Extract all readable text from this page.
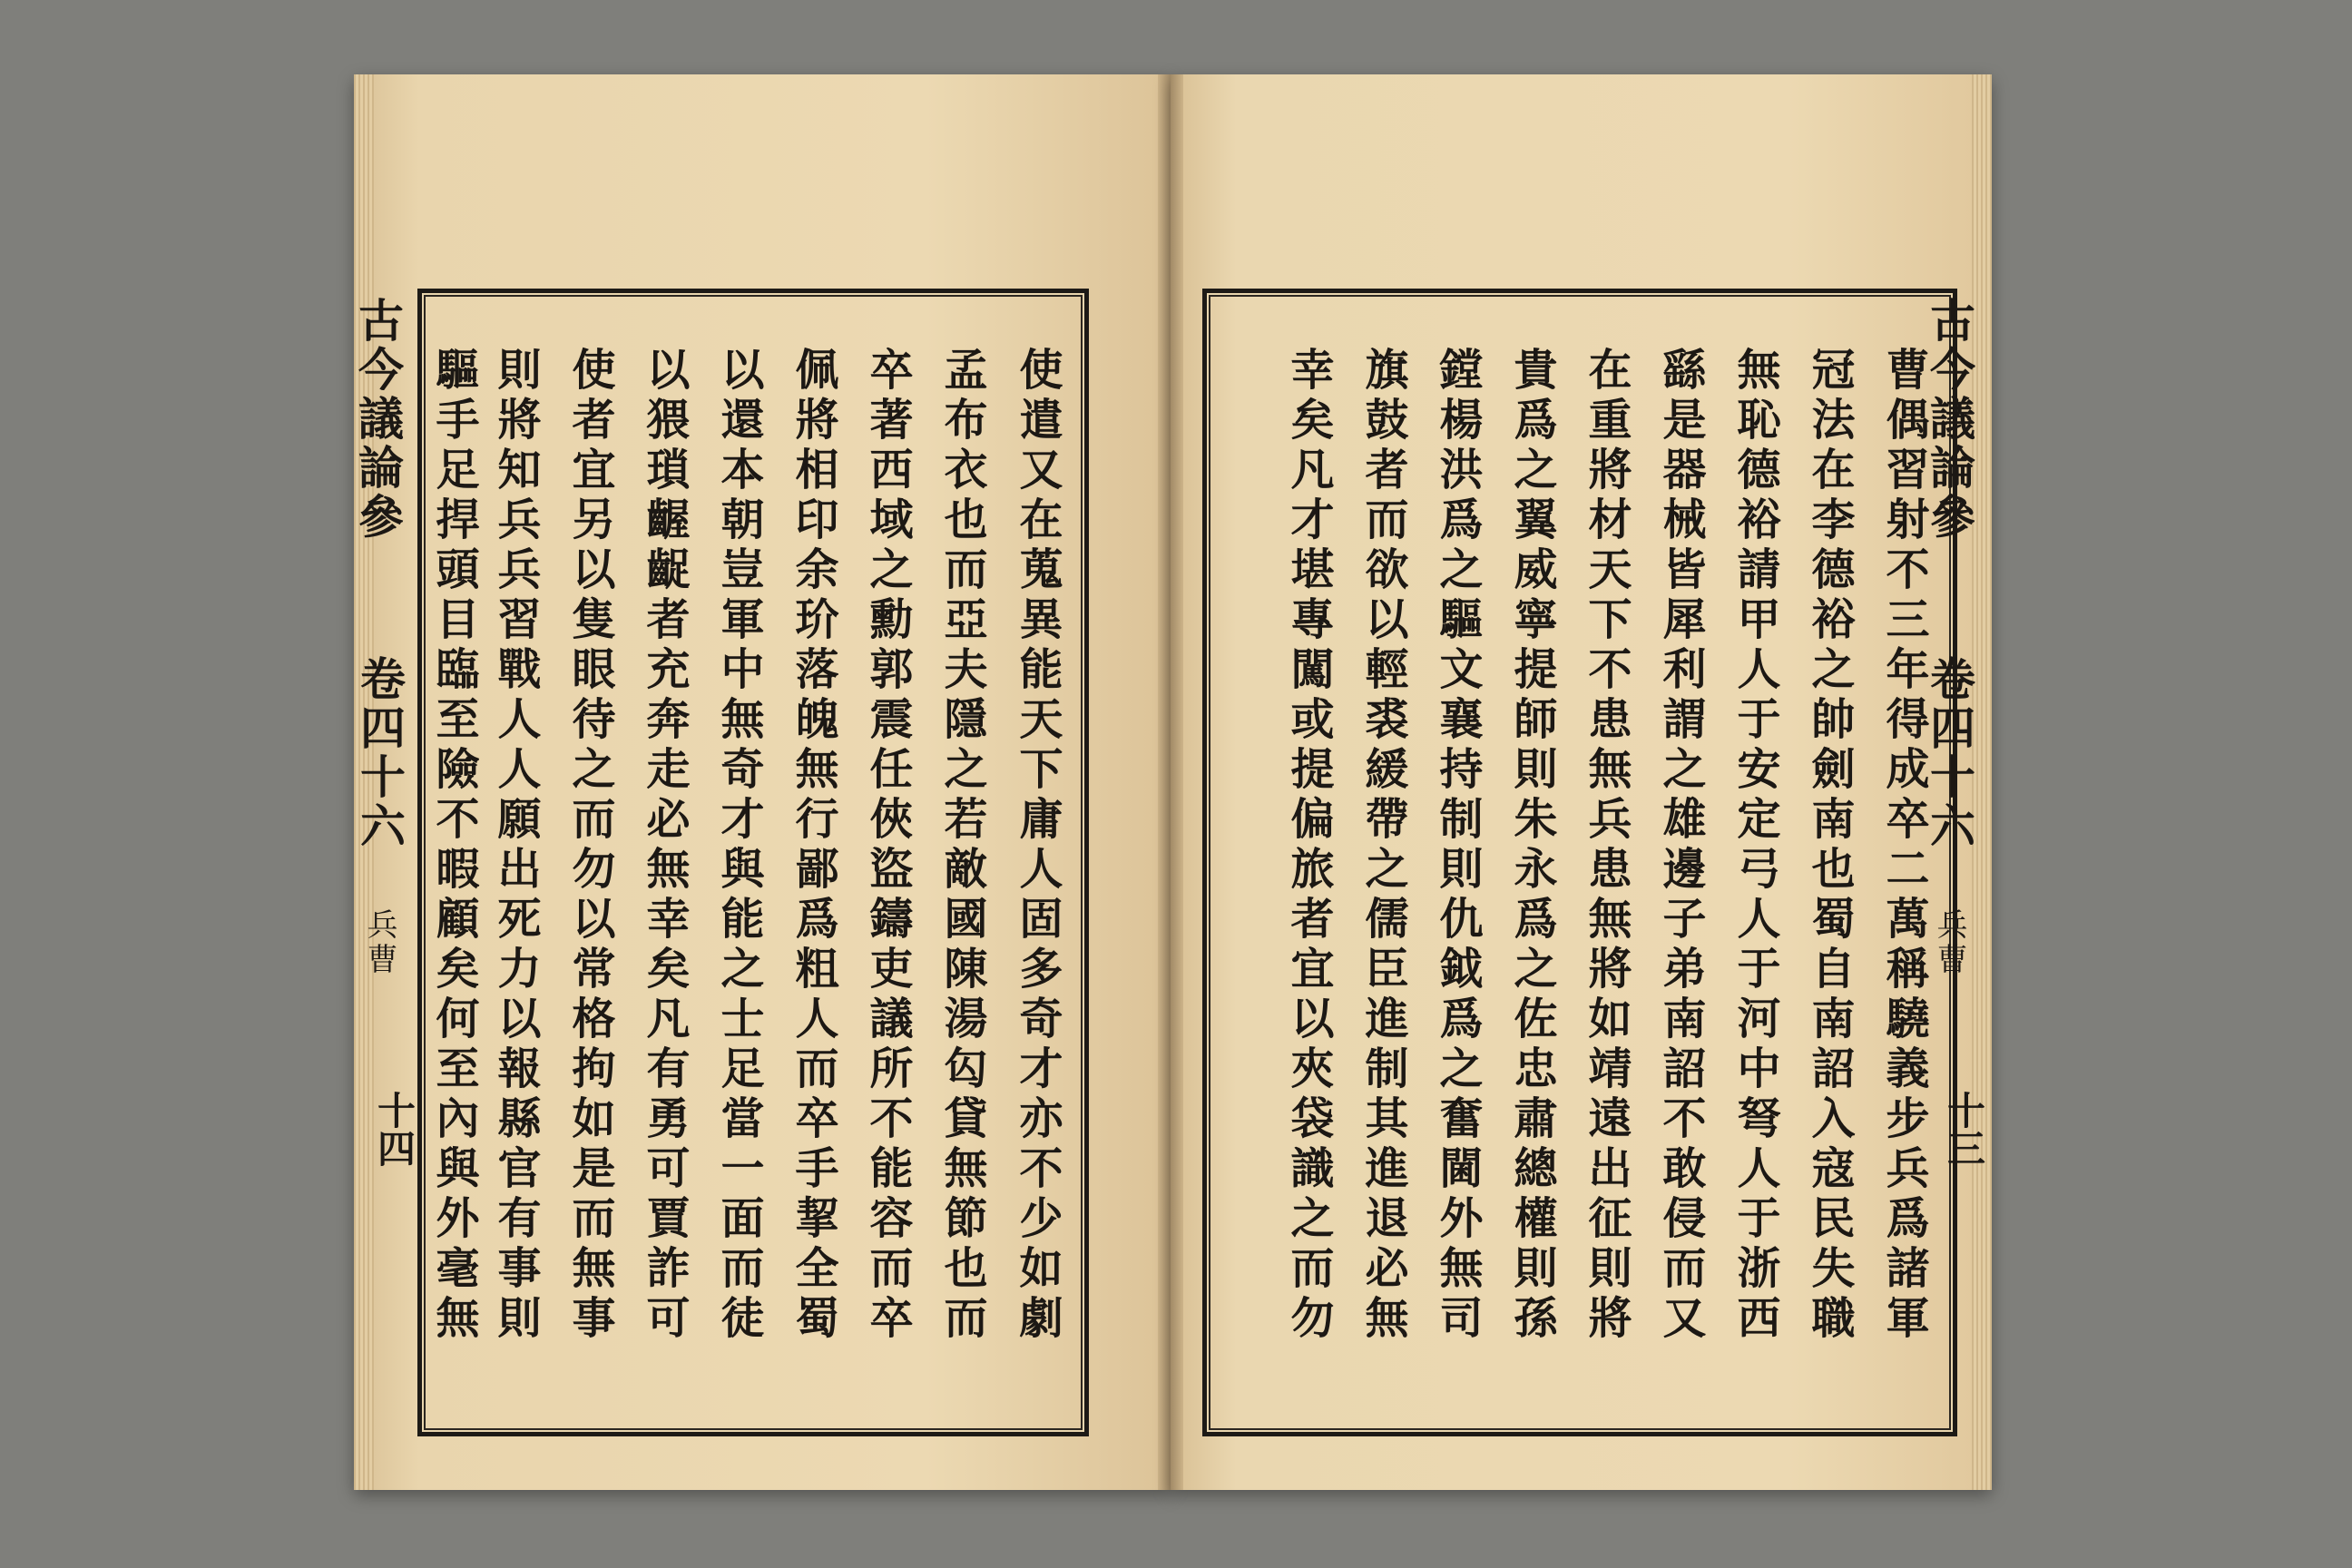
古今議論參
卷四十六 兵曹
十四	使遣又在蒐異能天下庸人固多奇才亦不少如劇
孟布衣也而亞夫隱之若敵國陳湯匃貸無節也而
卒著西域之勳郭震任俠盜鑄吏議所不能容而卒
佩將相印余玠落魄無行鄙爲粗人而卒手挈全蜀
以還本朝豈軍中無奇才與能之士足當一面而徒
以猥瑣齷齪者充奔走必無幸矣凡有勇可賈詐可
使者宜另以隻眼待之而勿以常格拘如是而無事
則將知兵兵習戰人人願出死力以報縣官有事則
驅手足捍頭目臨至險不暇顧矣何至內與外毫無	古今議論參
卷四十六 兵曹
十三
曹偶習射不三年得成卒二萬稱驍義步兵爲諸軍
冠法在李德裕之帥劍南也蜀自南詔入寇民失職
無恥德裕請甲人于安定弓人于河中弩人于浙西
繇是器械皆犀利謂之雄邊子弟南詔不敢侵而又
在重將材天下不患無兵患無將如靖遠出征則將
貴爲之翼威寧提師則朱永爲之佐忠肅總權則孫
鏜楊洪爲之驅文襄持制則仇鉞爲之奮閫外無司
旗鼓者而欲以輕裘緩帶之儒臣進制其進退必無
幸矣凡才堪專闖或提偏旅者宜以夾袋識之而勿
